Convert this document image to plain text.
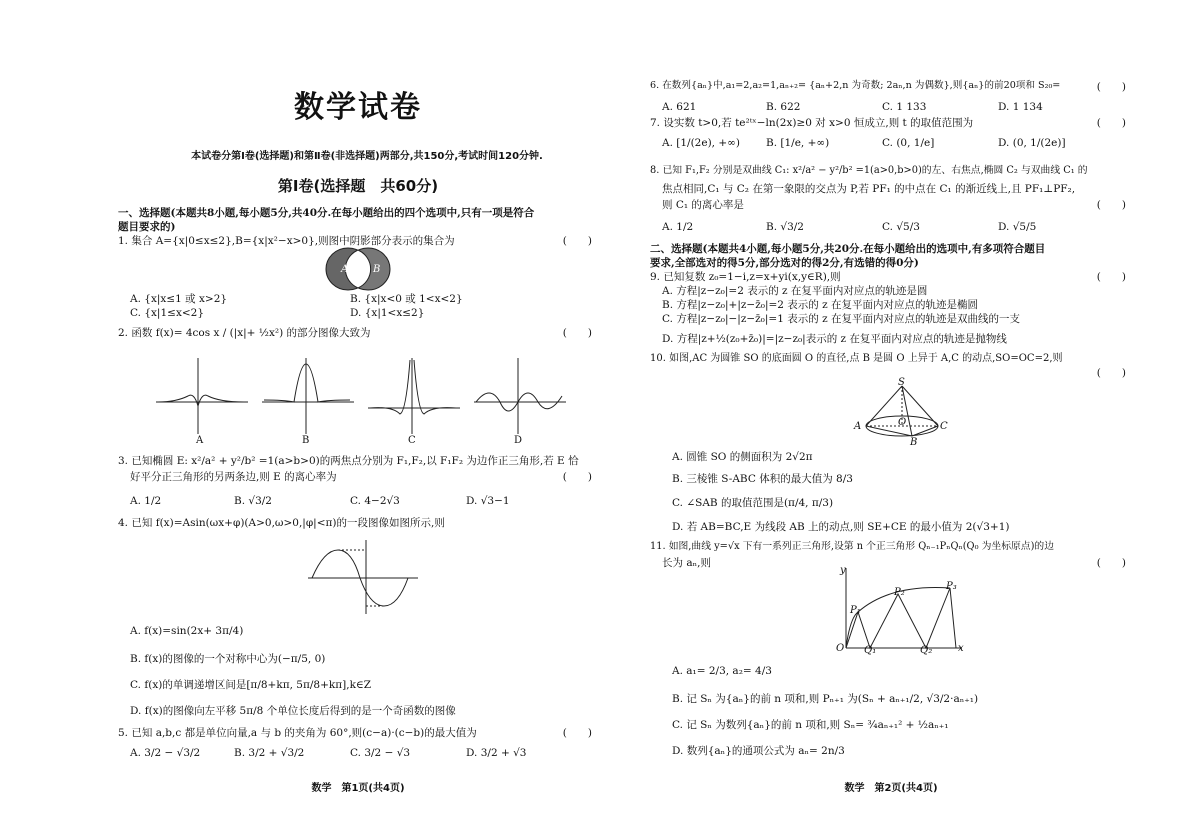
数学试卷
本试卷分第Ⅰ卷(选择题)和第Ⅱ卷(非选择题)两部分,共150分,考试时间120分钟.
第Ⅰ卷(选择题　共60分)
一、选择题(本题共8小题,每小题5分,共40分.在每小题给出的四个选项中,只有一项是符合
题目要求的)
1. 集合 A={x|0≤x≤2},B={x|x²−x>0},则图中阴影部分表示的集合为	(　　)
A B
A. {x|x≤1 或 x>2}	B. {x|x<0 或 1<x<2}
C. {x|1≤x<2}	D. {x|1<x≤2}
2. 函数 f(x)= 4cos x / (|x|+ ½x²) 的部分图像大致为	(　　)
A	B	C	D
3. 已知椭圆 E: x²/a² + y²/b² =1(a>b>0)的两焦点分别为 F₁,F₂,以 F₁F₂ 为边作正三角形,若 E 恰
好平分正三角形的另两条边,则 E 的离心率为	(　　)
A. 1/2	B. √3/2	C. 4−2√3	D. √3−1
4. 已知 f(x)=Asin(ωx+φ)(A>0,ω>0,|φ|<π)的一段图像如图所示,则
A. f(x)=sin(2x+ 3π/4)
B. f(x)的图像的一个对称中心为(−π/5, 0)
C. f(x)的单调递增区间是[π/8+kπ, 5π/8+kπ],k∈Z
D. f(x)的图像向左平移 5π/8 个单位长度后得到的是一个奇函数的图像
5. 已知 a,b,c 都是单位向量,a 与 b 的夹角为 60°,则(c−a)·(c−b)的最大值为	(　　)
A. 3/2 − √3/2	B. 3/2 + √3/2	C. 3/2 − √3	D. 3/2 + √3
数学　第1页(共4页)
6. 在数列{aₙ}中,a₁=2,a₂=1,aₙ₊₂= {aₙ+2,n 为奇数; 2aₙ,n 为偶数},则{aₙ}的前20项和 S₂₀=	(　　)
A. 621	B. 622	C. 1 133	D. 1 134
7. 设实数 t>0,若 te²ᵗˣ−ln(2x)≥0 对 x>0 恒成立,则 t 的取值范围为	(　　)
A. [1/(2e), +∞) B. [1/e, +∞)	C. (0, 1/e]	D. (0, 1/(2e)]
8. 已知 F₁,F₂ 分别是双曲线 C₁: x²/a² − y²/b² =1(a>0,b>0)的左、右焦点,椭圆 C₂ 与双曲线 C₁ 的
焦点相同,C₁ 与 C₂ 在第一象限的交点为 P,若 PF₁ 的中点在 C₁ 的渐近线上,且 PF₁⊥PF₂,
则 C₁ 的离心率是	(　　)
A. 1/2	B. √3/2	C. √5/3	D. √5/5
二、选择题(本题共4小题,每小题5分,共20分.在每小题给出的选项中,有多项符合题目
要求,全部选对的得5分,部分选对的得2分,有选错的得0分)
9. 已知复数 z₀=1−i,z=x+yi(x,y∈R),则	(　　)
A. 方程|z−z₀|=2 表示的 z 在复平面内对应点的轨迹是圆
B. 方程|z−z₀|+|z−z̄₀|=2 表示的 z 在复平面内对应点的轨迹是椭圆
C. 方程|z−z₀|−|z−z̄₀|=1 表示的 z 在复平面内对应点的轨迹是双曲线的一支
D. 方程|z+½(z₀+z̄₀)|=|z−z₀|表示的 z 在复平面内对应点的轨迹是抛物线
10. 如图,AC 为圆锥 SO 的底面圆 O 的直径,点 B 是圆 O 上异于 A,C 的动点,SO=OC=2,则
(　　)
S
A	O	C
B
A. 圆锥 SO 的侧面积为 2√2π
B. 三棱锥 S-ABC 体积的最大值为 8/3
C. ∠SAB 的取值范围是(π/4, π/3)
D. 若 AB=BC,E 为线段 AB 上的动点,则 SE+CE 的最小值为 2(√3+1)
11. 如图,曲线 y=√x 下有一系列正三角形,设第 n 个正三角形 Qₙ₋₁PₙQₙ(Q₀ 为坐标原点)的边
长为 aₙ,则	(　　)
y
P₁
P₂
P₃
O Q₁	Q₂	x
A. a₁= 2/3, a₂= 4/3
B. 记 Sₙ 为{aₙ}的前 n 项和,则 Pₙ₊₁ 为(Sₙ + aₙ₊₁/2, √3/2·aₙ₊₁)
C. 记 Sₙ 为数列{aₙ}的前 n 项和,则 Sₙ= ¾aₙ₊₁² + ½aₙ₊₁
D. 数列{aₙ}的通项公式为 aₙ= 2n/3
数学　第2页(共4页)
